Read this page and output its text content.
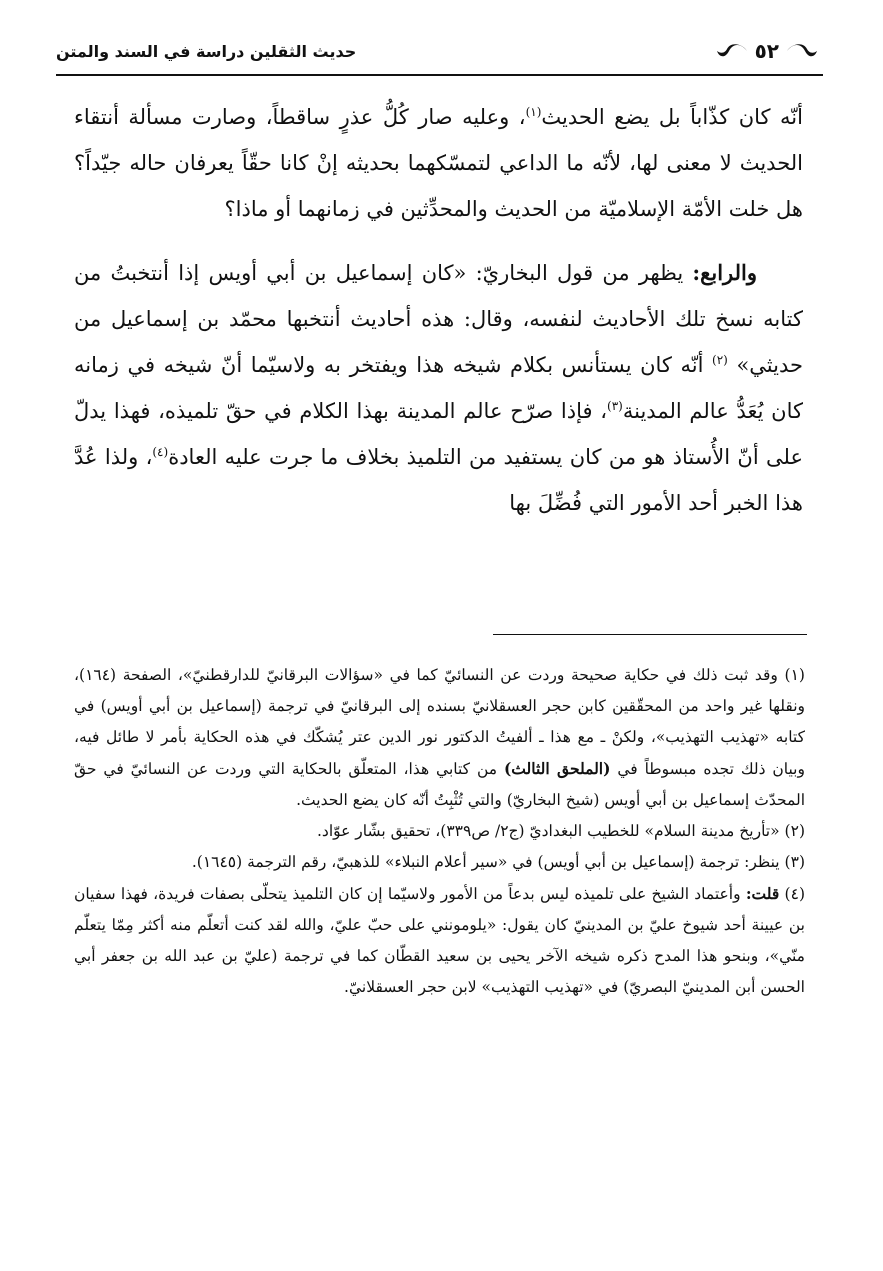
٥٢
حديث الثقلين دراسة في السند والمتن

أنّه كان كذّاباً بل يضع الحديث$^{(١)}$، وعليه صار كُلُّ عذرٍ ساقطاً، وصارت مسألة أنتقاء الحديث لا معنى لها، لأنّه ما الداعي لتمسّكهما بحديثه إنْ كانا حقّاً يعرفان حاله جيّداً؟ هل خلت الأمّة الإسلاميّة من الحديث والمحدِّثين في زمانهما أو ماذا؟

والرابع: يظهر من قول البخاريّ: «كان إسماعيل بن أبي أويس إذا أنتخبتُ من كتابه نسخ تلك الأحاديث لنفسه، وقال: هذه أحاديث أنتخبها محمّد بن إسماعيل من حديثي» $^{(٢)}$ أنّه كان يستأنس بكلام شيخه هذا ويفتخر به ولاسيّما أنّ شيخه في زمانه كان يُعَدُّ عالم المدينة$^{(٣)}$، فإذا صرّح عالم المدينة بهذا الكلام في حقّ تلميذه، فهذا يدلّ على أنّ الأُستاذ هو من كان يستفيد من التلميذ بخلاف ما جرت عليه العادة$^{(٤)}$، ولذا عُدَّ هذا الخبر أحد الأمور التي فُضِّلَ بها

(١) وقد ثبت ذلك في حكاية صحيحة وردت عن النسائيّ كما في «سؤالات البرقانيّ للدارقطنيّ»، الصفحة (١٦٤)، ونقلها غير واحد من المحقّقين كابن حجر العسقلانيّ بسنده إلى البرقانيّ في ترجمة (إسماعيل بن أبي أويس) في كتابه «تهذيب التهذيب»، ولكنْ ـ مع هذا ـ ألفيتُ الدكتور نور الدين عتر يُشكّك في هذه الحكاية بأمر لا طائل فيه، وبيان ذلك تجده مبسوطاً في (الملحق الثالث) من كتابي هذا، المتعلّق بالحكاية التي وردت عن النسائيّ في حقّ المحدّث إسماعيل بن أبي أويس (شيخ البخاريّ) والتي تُثْبِتُ أنّه كان يضع الحديث.

(٢) «تأريخ مدينة السلام» للخطيب البغداديّ (ج٢/ ص٣٣٩)، تحقيق بشّار عوّاد.

(٣) ينظر: ترجمة (إسماعيل بن أبي أويس) في «سير أعلام النبلاء» للذهبيّ، رقم الترجمة (١٦٤٥).

(٤) قلت: وأعتماد الشيخ على تلميذه ليس بدعاً من الأمور ولاسيّما إن كان التلميذ يتحلّى بصفات فريدة، فهذا سفيان بن عيينة أحد شيوخ عليّ بن المدينيّ كان يقول: «يلومونني على حبّ عليّ، والله لقد كنت أتعلّم منه أكثر مِمّا يتعلّم منّي»، وبنحو هذا المدح ذكره شيخه الآخر يحيى بن سعيد القطّان كما في ترجمة (عليّ بن عبد الله بن جعفر أبي الحسن أبن المدينيّ البصريّ) في «تهذيب التهذيب» لابن حجر العسقلانيّ.
